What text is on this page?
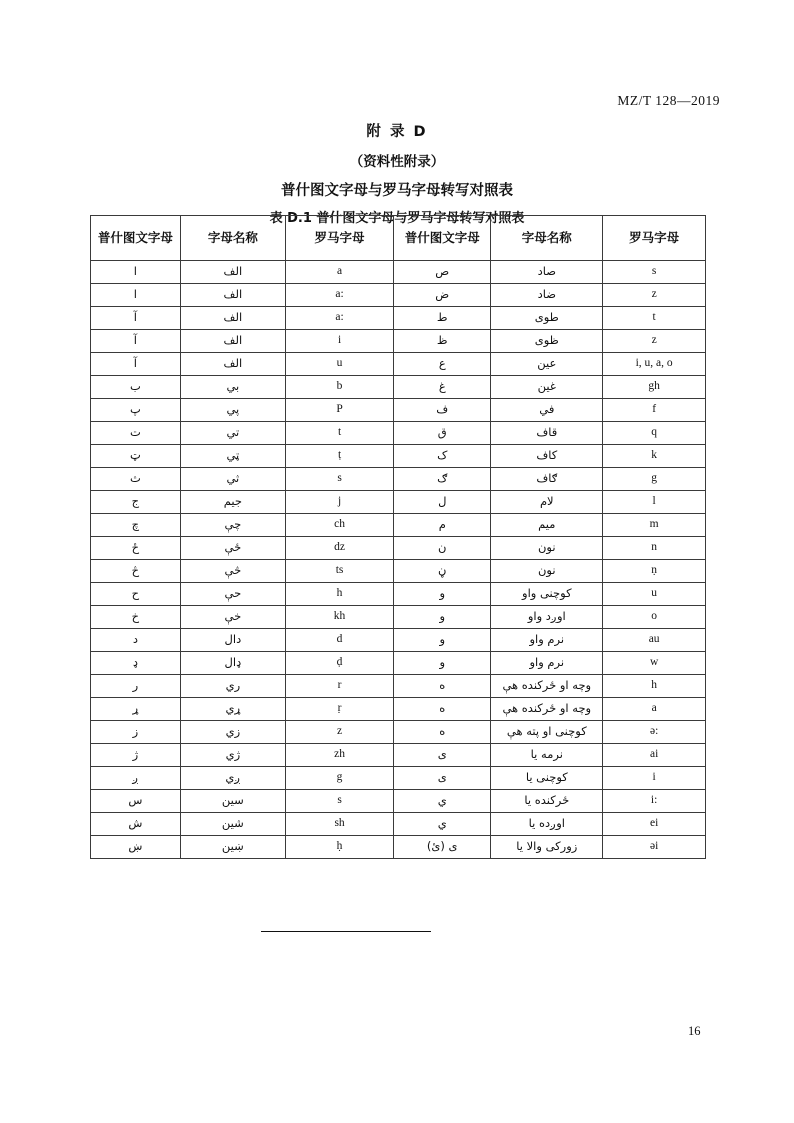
MZ/T 128—2019
附 录 D
（资料性附录）
普什图文字母与罗马字母转写对照表
表 D.1 普什图文字母与罗马字母转写对照表
普什图文字母	字母名称	罗马字母	普什图文字母	字母名称	罗马字母
ا	الف	a	ص	صاد	s
ا	الف	a:	ض	ضاد	z
آ	الف	a:	ط	طوى	t
آ	الف	i	ظ	ظوى	z
آ	الف	u	ع	عين	i, u, a, o
ب	بي	b	غ	غين	gh
پ	پي	P	ف	في	f
ت	تي	t	ق	قاف	q
ټ	ټي	ṭ	ک	کاف	k
ث	ثي	s	ګ	ګاف	g
ج	جيم	j	ل	لام	l
چ	چې	ch	م	ميم	m
ځ	ځې	dz	ن	نون	n
څ	څې	ts	ڼ	نون	ṇ
ح	حې	h	و	کوچنی واو	u
خ	خې	kh	و	اوږد واو	o
د	دال	d	و	نرم واو	au
ډ	ډال	ḍ	و	نرم واو	w
ر	ري	r	ه	وچه او ځرکنده هې	h
ړ	ړي	ṛ	ه	وچه او ځرکنده هې	a
ز	زي	z	ه	کوچنی او پته هې	ə:
ژ	ژي	zh	ى	نرمه يا	ai
ږ	ږي	g	ى	کوچنی يا	i
س	سين	s	ي	ځرکنده يا	i:
ش	شين	sh	ي	اوږده يا	ei
ښ	ښين	ḥ	ى (ئ)	زورکی والا يا	əi
16
